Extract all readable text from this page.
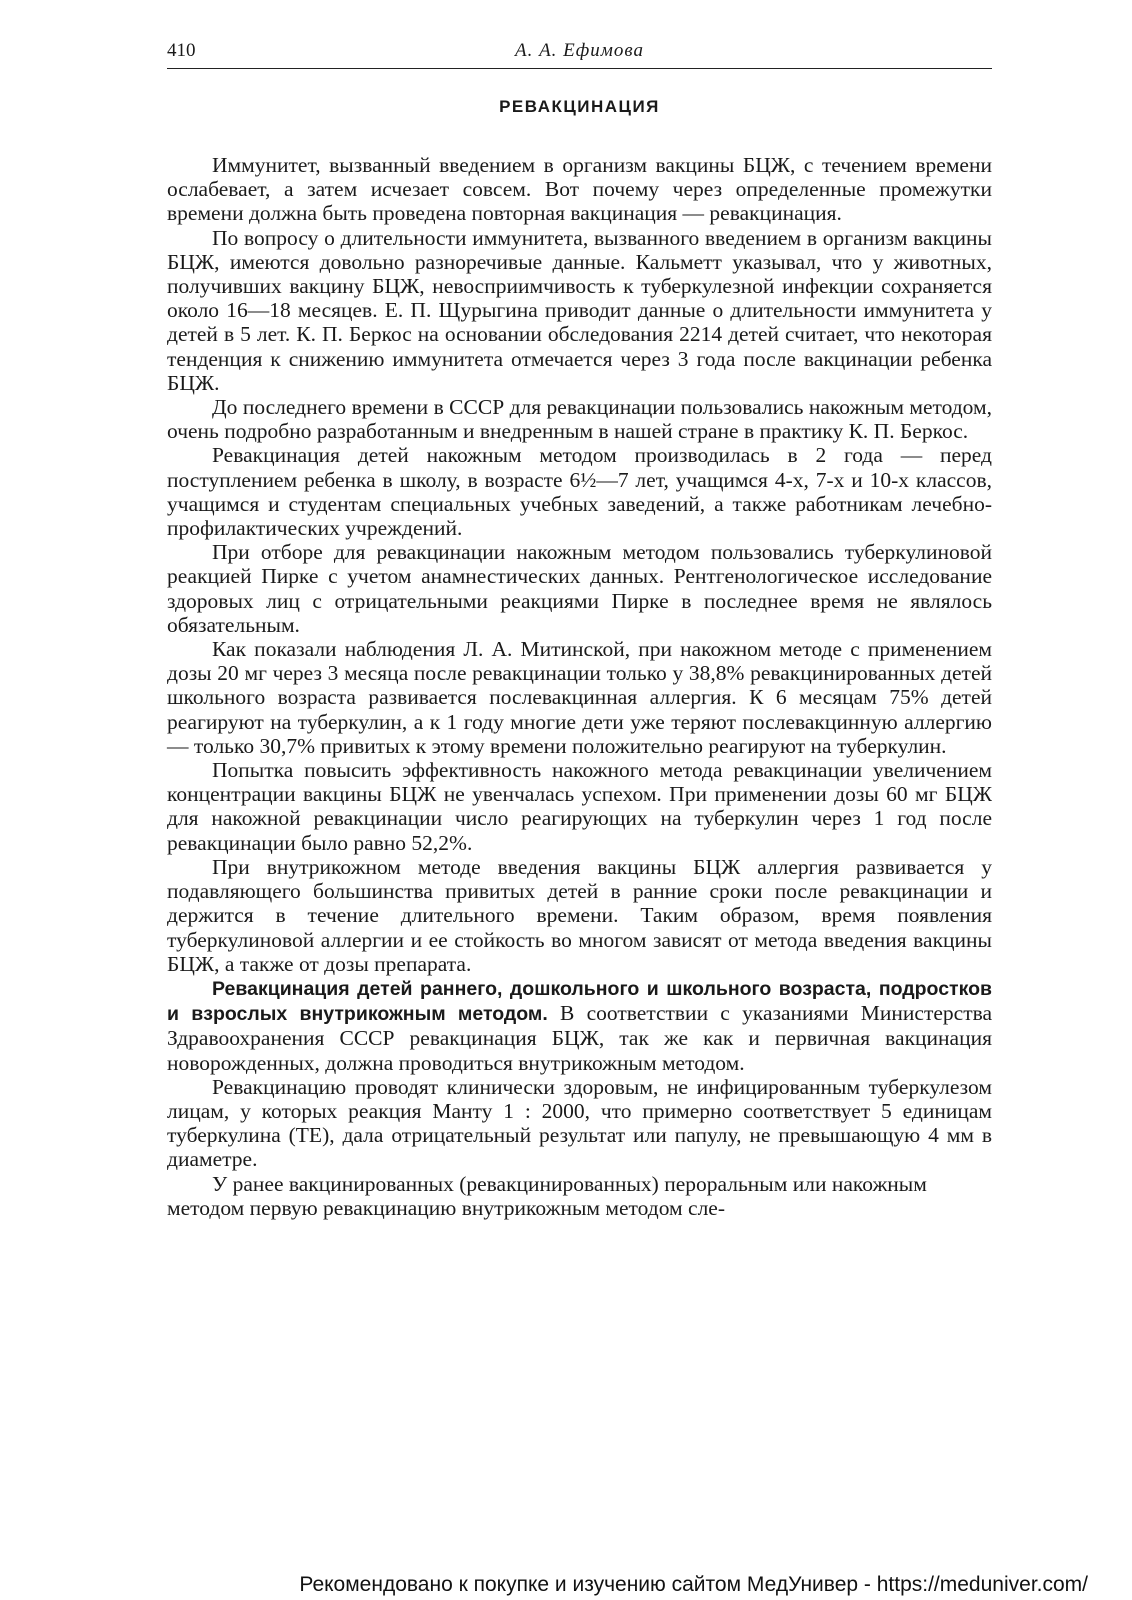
410	А. А. Ефимова
РЕВАКЦИНАЦИЯ

Иммунитет, вызванный введением в организм вакцины БЦЖ, с течением времени ослабевает, а затем исчезает совсем. Вот почему через определенные промежутки времени должна быть проведена повторная вакцинация — ревакцинация.

По вопросу о длительности иммунитета, вызванного введением в организм вакцины БЦЖ, имеются довольно разноречивые данные. Кальметт указывал, что у животных, получивших вакцину БЦЖ, невосприимчивость к туберкулезной инфекции сохраняется около 16—18 месяцев. Е. П. Щурыгина приводит данные о длительности иммунитета у детей в 5 лет. К. П. Беркос на основании обследования 2214 детей считает, что некоторая тенденция к снижению иммунитета отмечается через 3 года после вакцинации ребенка БЦЖ.

До последнего времени в СССР для ревакцинации пользовались накожным методом, очень подробно разработанным и внедренным в нашей стране в практику К. П. Беркос.

Ревакцинация детей накожным методом производилась в 2 года — перед поступлением ребенка в школу, в возрасте 6½—7 лет, учащимся 4-х, 7-х и 10-х классов, учащимся и студентам специальных учебных заведений, а также работникам лечебно-профилактических учреждений.

При отборе для ревакцинации накожным методом пользовались туберкулиновой реакцией Пирке с учетом анамнестических данных. Рентгенологическое исследование здоровых лиц с отрицательными реакциями Пирке в последнее время не являлось обязательным.

Как показали наблюдения Л. А. Митинской, при накожном методе с применением дозы 20 мг через 3 месяца после ревакцинации только у 38,8% ревакцинированных детей школьного возраста развивается послевакцинная аллергия. К 6 месяцам 75% детей реагируют на туберкулин, а к 1 году многие дети уже теряют послевакцинную аллергию — только 30,7% привитых к этому времени положительно реагируют на туберкулин.

Попытка повысить эффективность накожного метода ревакцинации увеличением концентрации вакцины БЦЖ не увенчалась успехом. При применении дозы 60 мг БЦЖ для накожной ревакцинации число реагирующих на туберкулин через 1 год после ревакцинации было равно 52,2%.

При внутрикожном методе введения вакцины БЦЖ аллергия развивается у подавляющего большинства привитых детей в ранние сроки после ревакцинации и держится в течение длительного времени. Таким образом, время появления туберкулиновой аллергии и ее стойкость во многом зависят от метода введения вакцины БЦЖ, а также от дозы препарата.

Ревакцинация детей раннего, дошкольного и школьного возраста, подростков и взрослых внутрикожным методом. В соответствии с указаниями Министерства Здравоохранения СССР ревакцинация БЦЖ, так же как и первичная вакцинация новорожденных, должна проводиться внутрикожным методом.

Ревакцинацию проводят клинически здоровым, не инфицированным туберкулезом лицам, у которых реакция Манту 1 : 2000, что примерно соответствует 5 единицам туберкулина (ТЕ), дала отрицательный результат или папулу, не превышающую 4 мм в диаметре.

У ранее вакцинированных (ревакцинированных) пероральным или накожным методом первую ревакцинацию внутрикожным методом сле-

Рекомендовано к покупке и изучению сайтом МедУнивер - https://meduniver.com/
